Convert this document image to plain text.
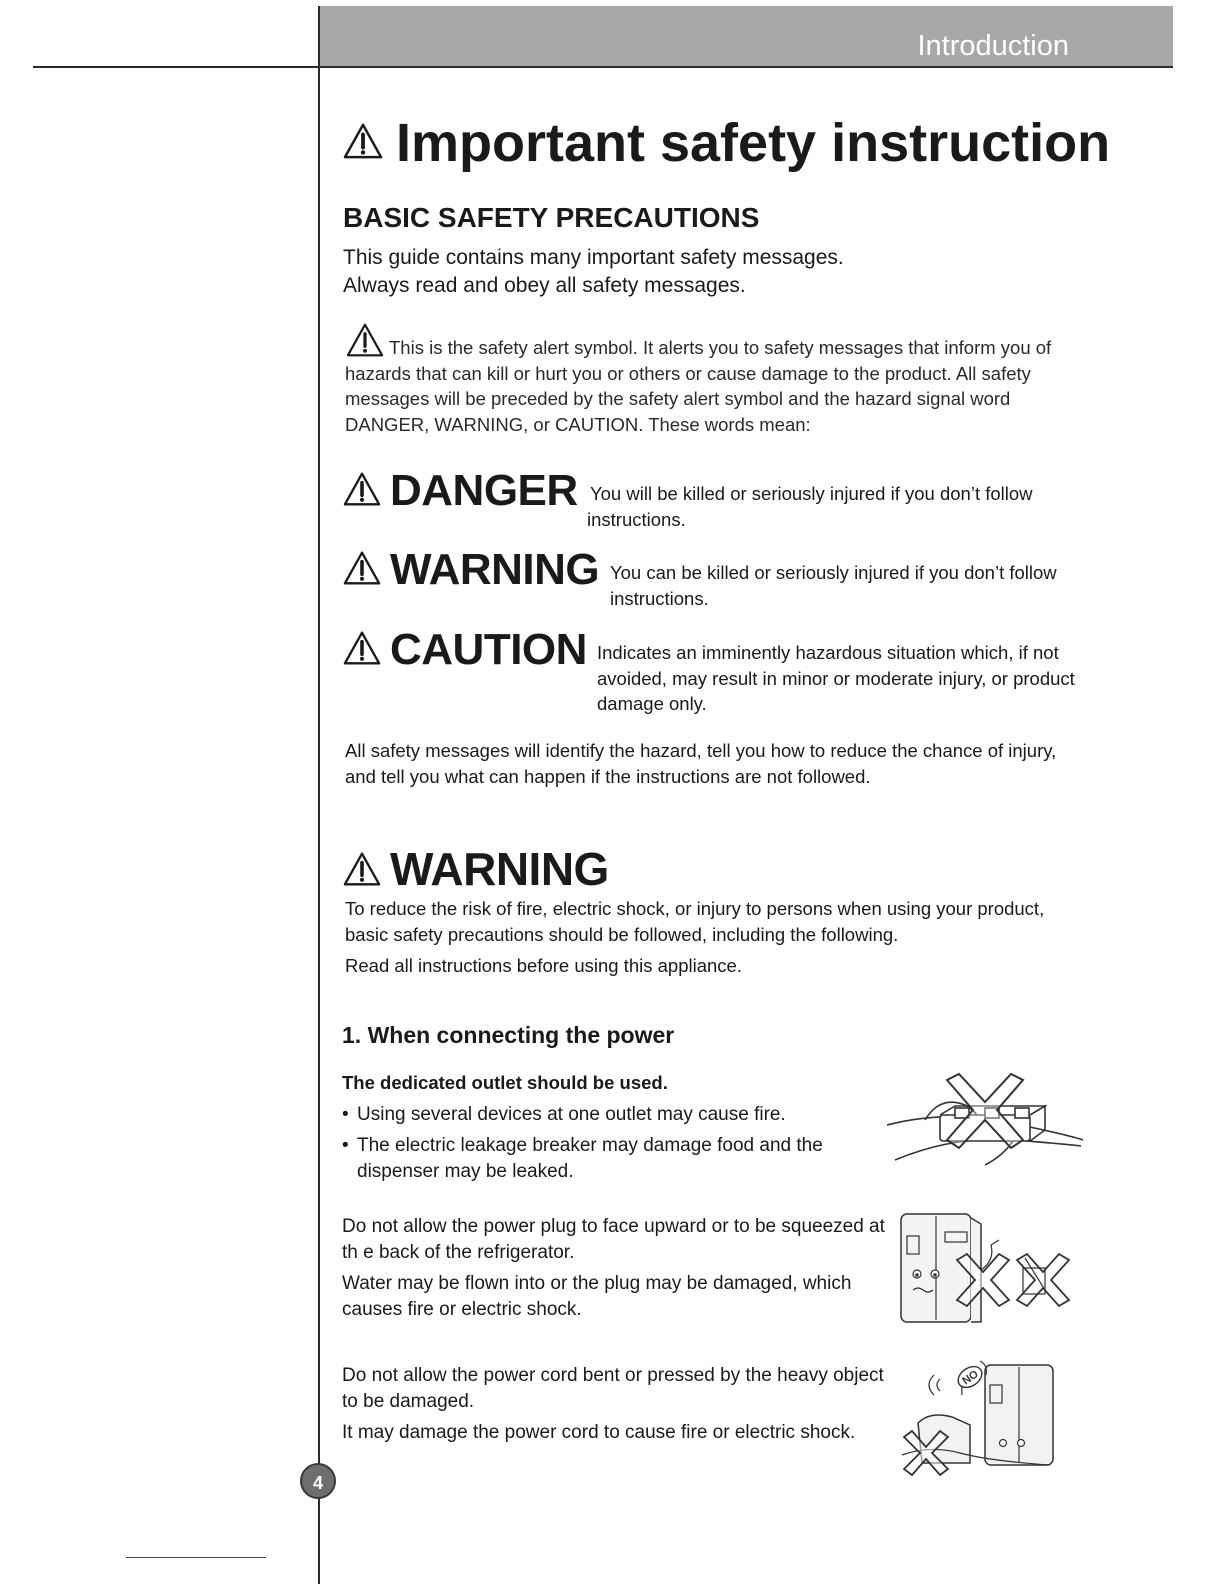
Introduction
Important safety instruction
BASIC SAFETY PRECAUTIONS
This guide contains many important safety messages.
Always read and obey all safety messages.
This is the safety alert symbol. It alerts you to safety messages that inform you of hazards that can kill or hurt you or others or cause damage to the product. All safety messages will be preceded by the safety alert symbol and the hazard signal word DANGER, WARNING, or CAUTION. These words mean:
DANGER You will be killed or seriously injured if you don’t follow instructions.
WARNING You can be killed or seriously injured if you don’t follow instructions.
CAUTION Indicates an imminently hazardous situation which, if not avoided, may result in minor or moderate injury, or product damage only.
All safety messages will identify the hazard, tell you how to reduce the chance of injury, and tell you what can happen if the instructions are not followed.
WARNING
To reduce the risk of fire, electric shock, or injury to persons when using your product, basic safety precautions should be followed, including the following.
Read all instructions before using this appliance.
1. When connecting the power
The dedicated outlet should be used.
• Using several devices at one outlet may cause fire.
• The electric leakage breaker may damage food and the dispenser may be leaked.
Do not allow the power plug to face upward or to be squeezed at th e back of the refrigerator.
Water may be flown into or the plug may be damaged, which causes fire or electric shock.
Do not allow the power cord bent or pressed by the heavy object to be damaged.
It may damage the power cord to cause fire or electric shock.
NO
4
